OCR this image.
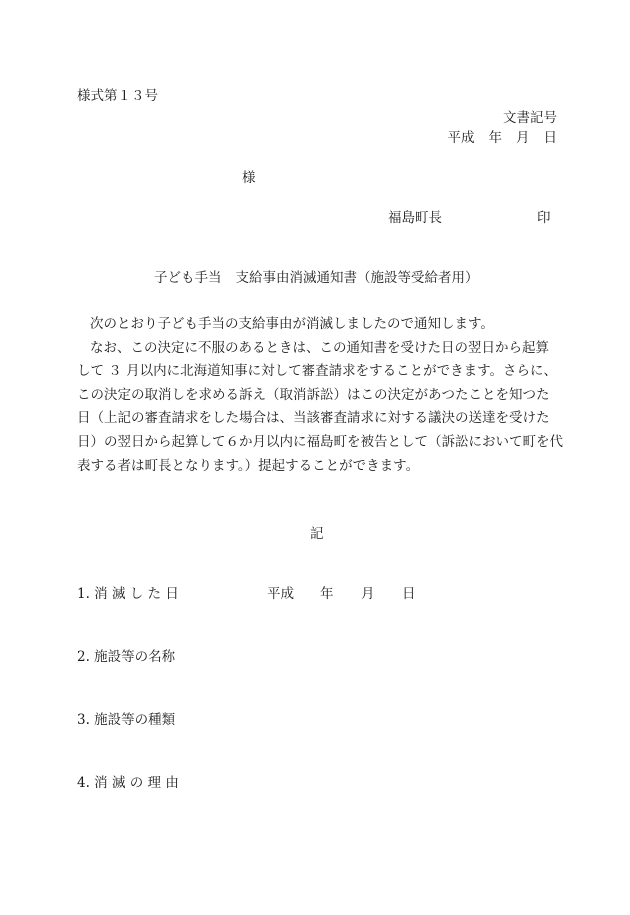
様式第１３号
文書記号
平成 年 月 日
様
福島町長	印
子ども手当 支給事由消滅通知書（施設等受給者用）

次のとおり子ども手当の支給事由が消滅しましたので通知します。

なお、この決定に不服のあるときは、この通知書を受けた日の翌日から起算

して ３ 月以内に北海道知事に対して審査請求をすることができます。さらに、

この決定の取消しを求める訴え（取消訴訟）はこの決定があつたことを知つた

日（上記の審査請求をした場合は、当該審査請求に対する議決の送達を受けた

日）の翌日から起算して６か月以内に福島町を被告として（訴訟において町を代

表する者は町長となります。）提起することができます。

記
1. 消 滅 し た 日	平成 年 月 日
2. 施設等の名称
3. 施設等の種類
4. 消 滅 の 理 由
